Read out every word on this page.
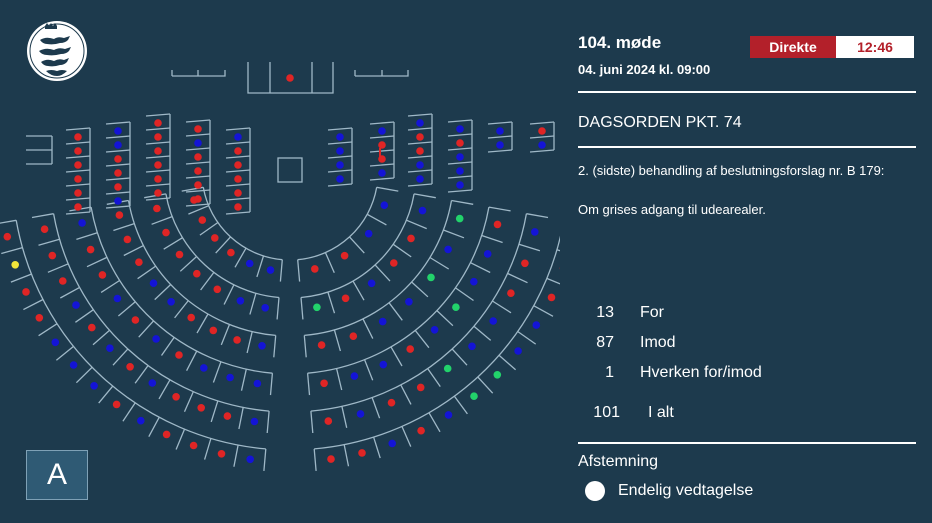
A
104. møde
04. juni 2024 kl. 09:00
Direkte	12:46
DAGSORDEN PKT. 74
2. (sidste) behandling af beslutningsforslag nr. B 179:
Om grises adgang til udearealer.
13 For
87 Imod
1 Hverken for/imod
101 I alt
Afstemning
Endelig vedtagelse
